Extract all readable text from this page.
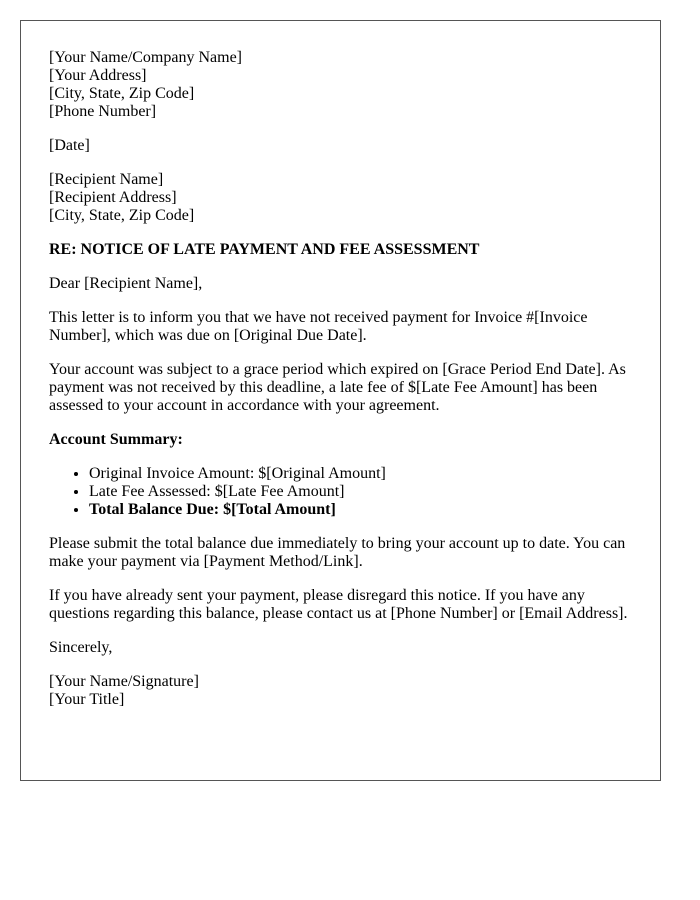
[Your Name/Company Name]
[Your Address]
[City, State, Zip Code]
[Phone Number]

[Date]

[Recipient Name]
[Recipient Address]
[City, State, Zip Code]

RE: NOTICE OF LATE PAYMENT AND FEE ASSESSMENT

Dear [Recipient Name],

This letter is to inform you that we have not received payment for Invoice #[Invoice Number], which was due on [Original Due Date].

Your account was subject to a grace period which expired on [Grace Period End Date]. As payment was not received by this deadline, a late fee of $[Late Fee Amount] has been assessed to your account in accordance with your agreement.

Account Summary:

• Original Invoice Amount: $[Original Amount]
• Late Fee Assessed: $[Late Fee Amount]
• Total Balance Due: $[Total Amount]

Please submit the total balance due immediately to bring your account up to date. You can make your payment via [Payment Method/Link].

If you have already sent your payment, please disregard this notice. If you have any questions regarding this balance, please contact us at [Phone Number] or [Email Address].

Sincerely,

[Your Name/Signature]
[Your Title]
